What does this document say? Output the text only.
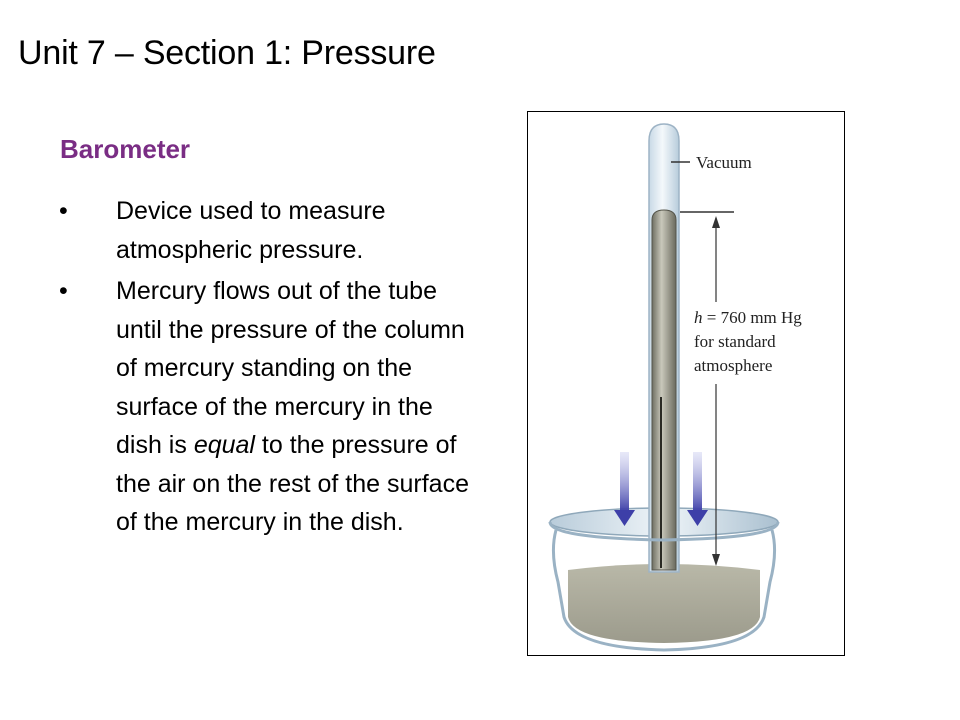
Unit 7 – Section 1: Pressure
Barometer
• Device used to measure atmospheric pressure.
• Mercury flows out of the tube until the pressure of the column of mercury standing on the surface of the mercury in the dish is equal to the pressure of the air on the rest of the surface of the mercury in the dish.
Vacuum
h = 760 mm Hg
for standard
atmosphere
